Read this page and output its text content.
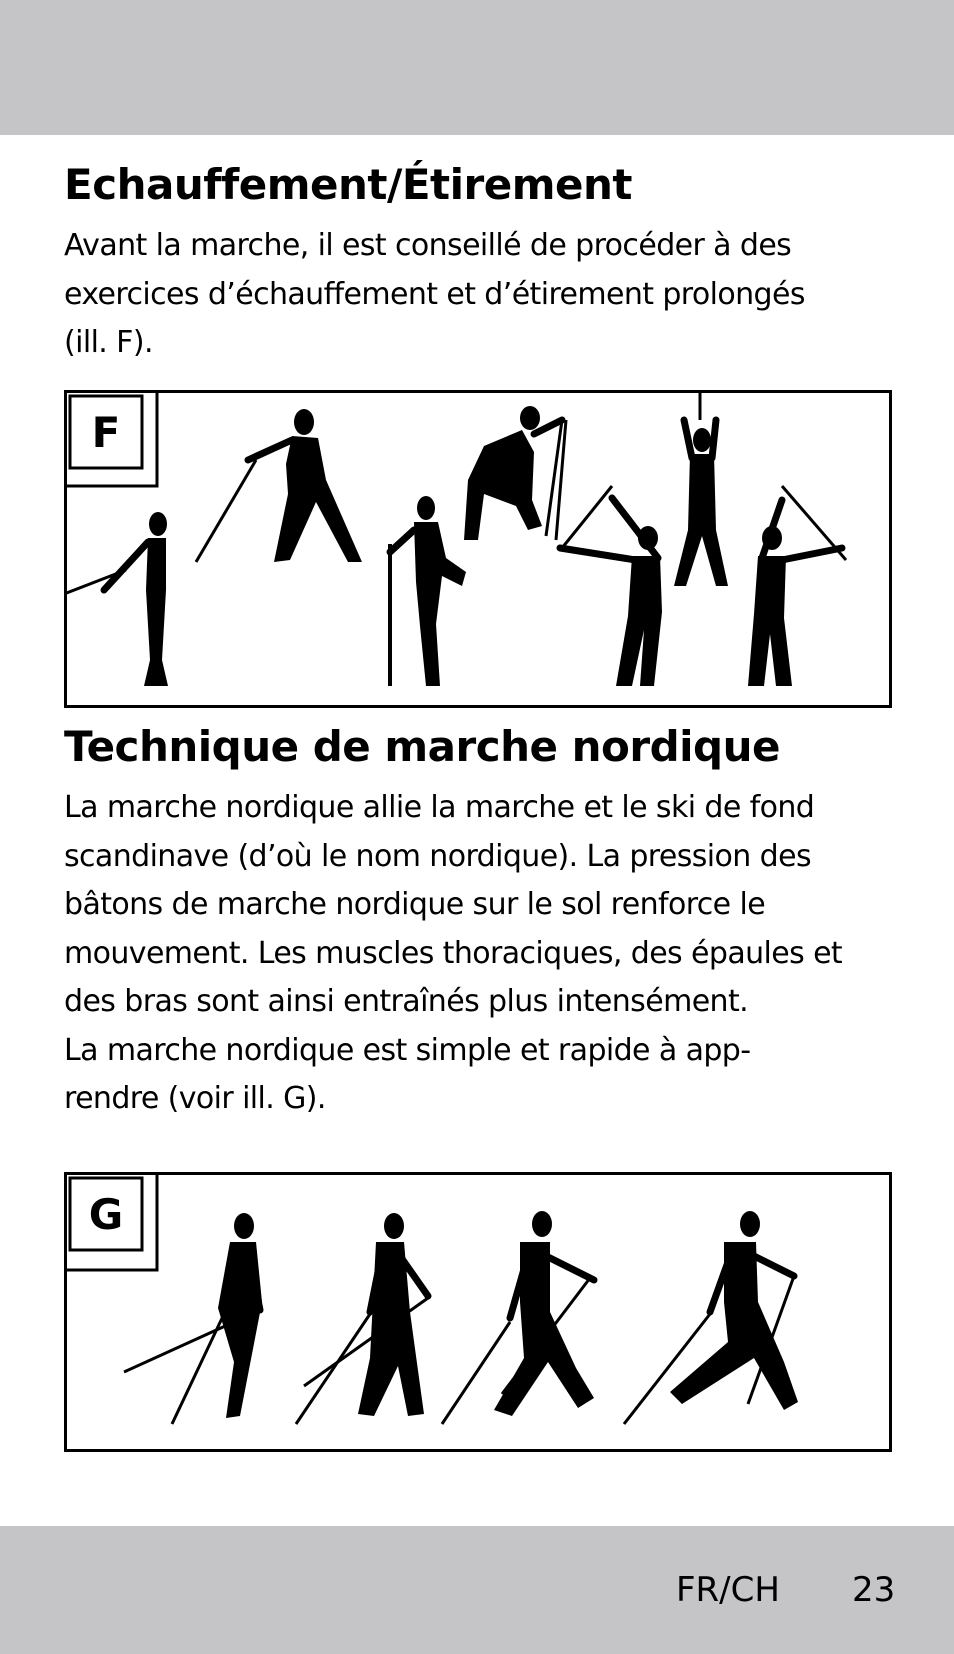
Echauffement/Étirement

Avant la marche, il est conseillé de procéder à des
exercices d’échauffement et d’étirement prolongés
(ill. F).

F
Technique de marche nordique

La marche nordique allie la marche et le ski de fond
scandinave (d’où le nom nordique). La pression des
bâtons de marche nordique sur le sol renforce le
mouvement. Les muscles thoraciques, des épaules et
des bras sont ainsi entraînés plus intensément.
La marche nordique est simple et rapide à app-
rendre (voir ill. G).

G
FR/CH 23
